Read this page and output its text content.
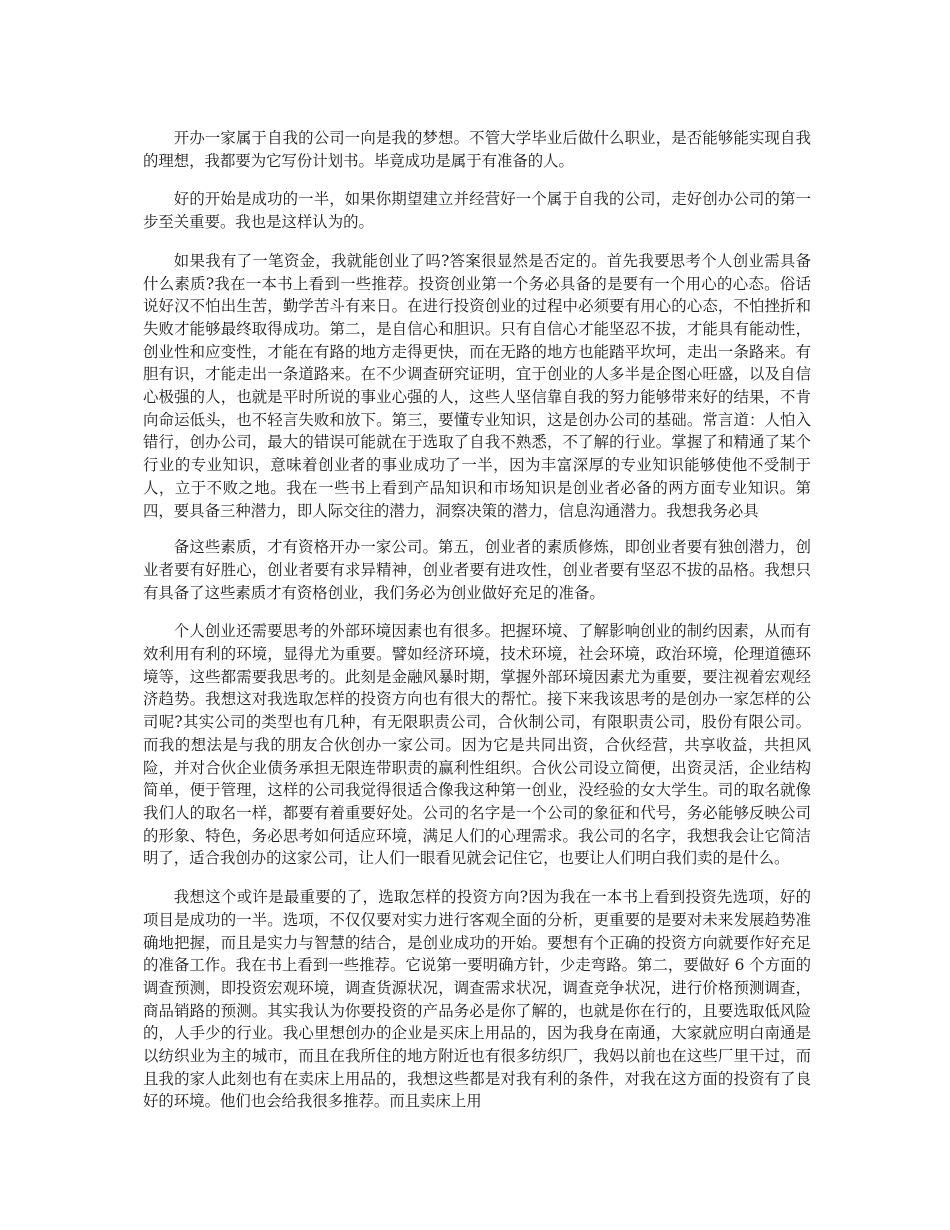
开办一家属于自我的公司一向是我的梦想。不管大学毕业后做什么职业，是否能够能实现自我的理想，我都要为它写份计划书。毕竟成功是属于有准备的人。

好的开始是成功的一半，如果你期望建立并经营好一个属于自我的公司，走好创办公司的第一步至关重要。我也是这样认为的。

如果我有了一笔资金，我就能创业了吗?答案很显然是否定的。首先我要思考个人创业需具备什么素质?我在一本书上看到一些推荐。投资创业第一个务必具备的是要有一个用心的心态。俗话说好汉不怕出生苦，勤学苦斗有来日。在进行投资创业的过程中必须要有用心的心态，不怕挫折和失败才能够最终取得成功。第二，是自信心和胆识。只有自信心才能坚忍不拔，才能具有能动性，创业性和应变性，才能在有路的地方走得更快，而在无路的地方也能踏平坎坷，走出一条路来。有胆有识，才能走出一条道路来。在不少调查研究证明，宜于创业的人多半是企图心旺盛，以及自信心极强的人，也就是平时所说的事业心强的人，这些人坚信靠自我的努力能够带来好的结果，不肯向命运低头，也不轻言失败和放下。第三，要懂专业知识，这是创办公司的基础。常言道：人怕入错行，创办公司，最大的错误可能就在于选取了自我不熟悉，不了解的行业。掌握了和精通了某个行业的专业知识，意味着创业者的事业成功了一半，因为丰富深厚的专业知识能够使他不受制于人，立于不败之地。我在一些书上看到产品知识和市场知识是创业者必备的两方面专业知识。第四，要具备三种潜力，即人际交往的潜力，洞察决策的潜力，信息沟通潜力。我想我务必具

备这些素质，才有资格开办一家公司。第五，创业者的素质修炼，即创业者要有独创潜力，创业者要有好胜心，创业者要有求异精神，创业者要有进攻性，创业者要有坚忍不拔的品格。我想只有具备了这些素质才有资格创业，我们务必为创业做好充足的准备。

个人创业还需要思考的外部环境因素也有很多。把握环境、了解影响创业的制约因素，从而有效利用有利的环境，显得尤为重要。譬如经济环境，技术环境，社会环境，政治环境，伦理道德环境等，这些都需要我思考的。此刻是金融风暴时期，掌握外部环境因素尤为重要，要注视着宏观经济趋势。我想这对我选取怎样的投资方向也有很大的帮忙。接下来我该思考的是创办一家怎样的公司呢?其实公司的类型也有几种，有无限职责公司，合伙制公司，有限职责公司，股份有限公司。而我的想法是与我的朋友合伙创办一家公司。因为它是共同出资，合伙经营，共享收益，共担风险，并对合伙企业债务承担无限连带职责的赢利性组织。合伙公司设立简便，出资灵活，企业结构简单，便于管理，这样的公司我觉得很适合像我这种第一创业，没经验的女大学生。司的取名就像我们人的取名一样，都要有着重要好处。公司的名字是一个公司的象征和代号，务必能够反映公司的形象、特色，务必思考如何适应环境，满足人们的心理需求。我公司的名字，我想我会让它简洁明了，适合我创办的这家公司，让人们一眼看见就会记住它，也要让人们明白我们卖的是什么。

我想这个或许是最重要的了，选取怎样的投资方向?因为我在一本书上看到投资先选项，好的项目是成功的一半。选项，不仅仅要对实力进行客观全面的分析，更重要的是要对未来发展趋势准确地把握，而且是实力与智慧的结合，是创业成功的开始。要想有个正确的投资方向就要作好充足的准备工作。我在书上看到一些推荐。它说第一要明确方针，少走弯路。第二，要做好 6 个方面的调查预测，即投资宏观环境，调查货源状况，调查需求状况，调查竞争状况，进行价格预测调查，商品销路的预测。其实我认为你要投资的产品务必是你了解的，也就是你在行的，且要选取低风险的，人手少的行业。我心里想创办的企业是买床上用品的，因为我身在南通，大家就应明白南通是以纺织业为主的城市，而且在我所住的地方附近也有很多纺织厂，我妈以前也在这些厂里干过，而且我的家人此刻也有在卖床上用品的，我想这些都是对我有利的条件，对我在这方面的投资有了良好的环境。他们也会给我很多推荐。而且卖床上用
